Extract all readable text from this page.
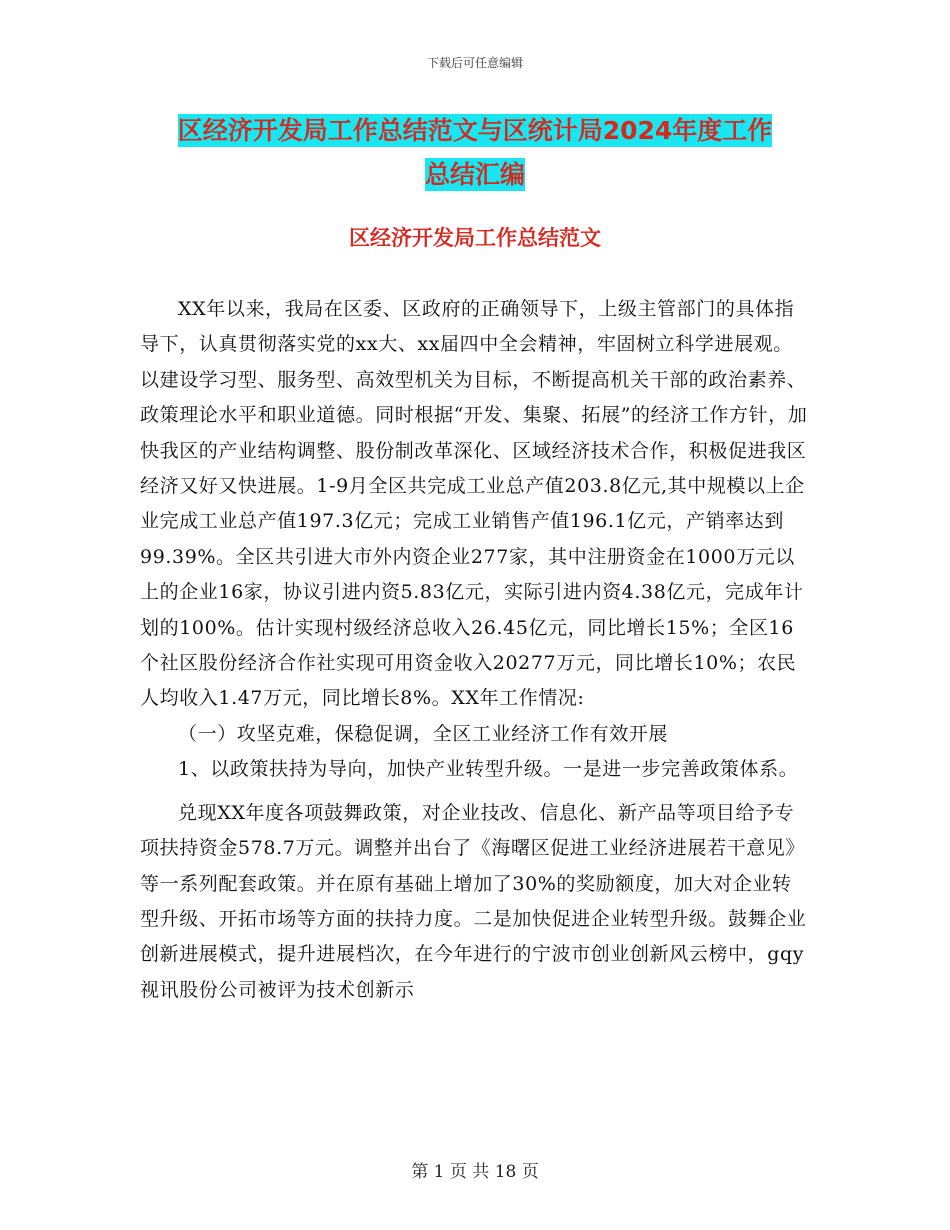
下载后可任意编辑
区经济开发局工作总结范文与区统计局2024年度工作
总结汇编
区经济开发局工作总结范文

XX年以来，我局在区委、区政府的正确领导下，上级主管部门的具体指导下，认真贯彻落实党的xx大、xx届四中全会精神，牢固树立科学进展观。以建设学习型、服务型、高效型机关为目标，不断提高机关干部的政治素养、政策理论水平和职业道德。同时根据“开发、集聚、拓展”的经济工作方针，加快我区的产业结构调整、股份制改革深化、区域经济技术合作，积极促进我区经济又好又快进展。1-9月全区共完成工业总产值203.8亿元,其中规模以上企业完成工业总产值197.3亿元；完成工业销售产值196.1亿元，产销率达到99.39%。全区共引进大市外内资企业277家，其中注册资金在1000万元以上的企业16家，协议引进内资5.83亿元，实际引进内资4.38亿元，完成年计划的100%。估计实现村级经济总收入26.45亿元，同比增长15%；全区16个社区股份经济合作社实现可用资金收入20277万元，同比增长10%；农民人均收入1.47万元，同比增长8%。XX年工作情况:

（一）攻坚克难，保稳促调，全区工业经济工作有效开展

1、以政策扶持为导向，加快产业转型升级。一是进一步完善政策体系。

兑现XX年度各项鼓舞政策，对企业技改、信息化、新产品等项目给予专项扶持资金578.7万元。调整并出台了《海曙区促进工业经济进展若干意见》等一系列配套政策。并在原有基础上增加了30%的奖励额度，加大对企业转型升级、开拓市场等方面的扶持力度。二是加快促进企业转型升级。鼓舞企业创新进展模式，提升进展档次，在今年进行的宁波市创业创新风云榜中，gqy视讯股份公司被评为技术创新示

第 1 页 共 18 页
